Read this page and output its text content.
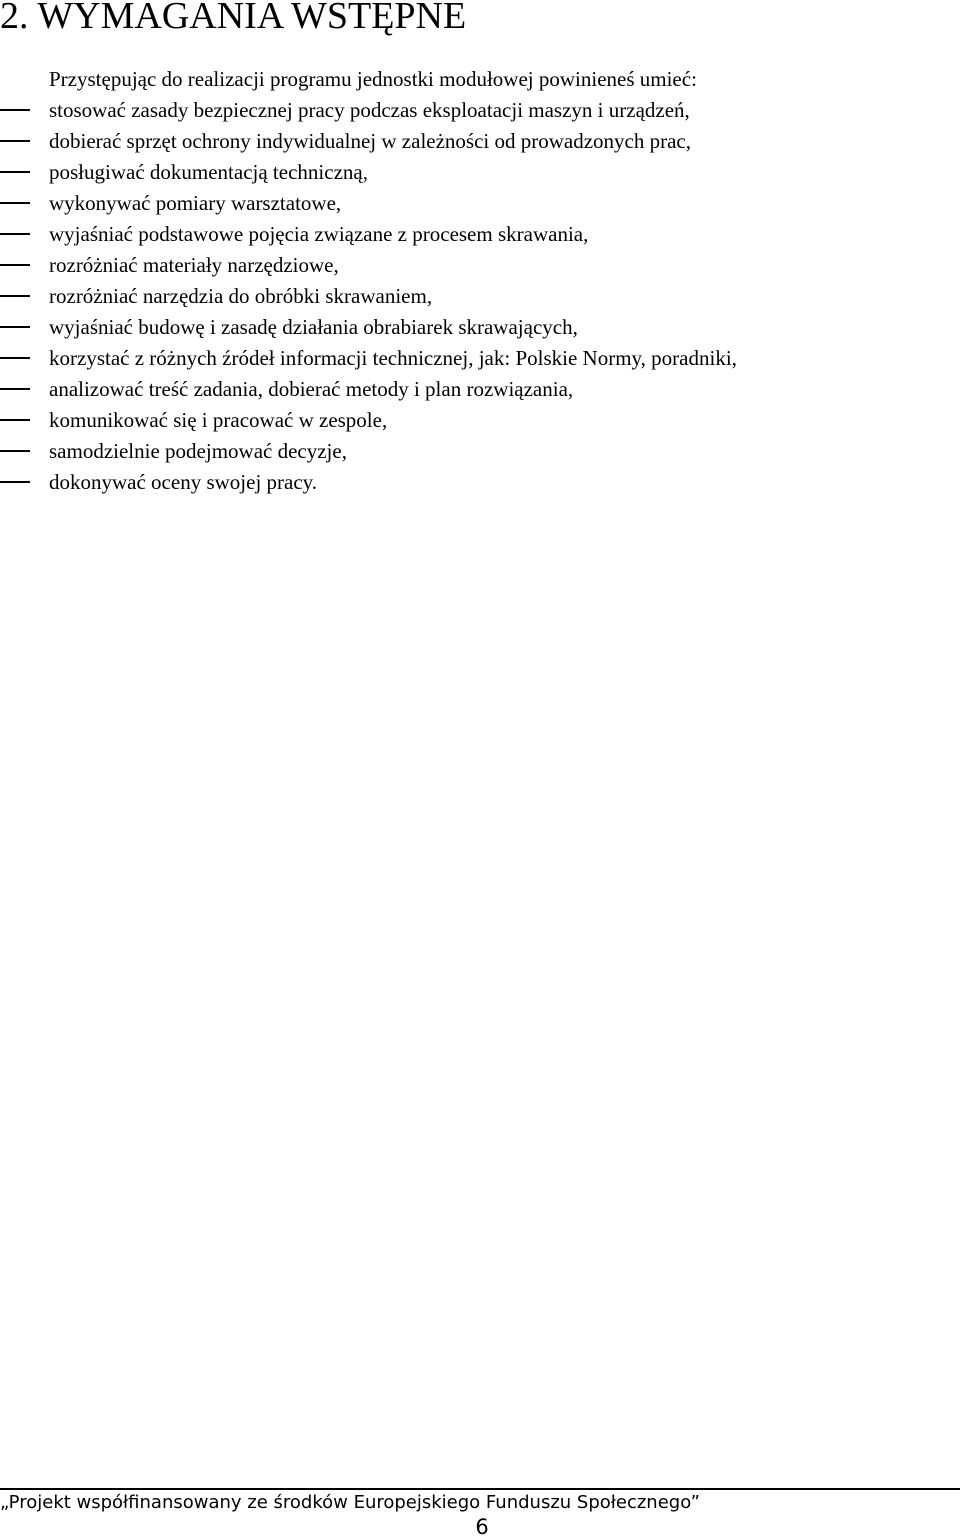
2. WYMAGANIA WSTĘPNE

Przystępując do realizacji programu jednostki modułowej powinieneś umieć:

stosować zasady bezpiecznej pracy podczas eksploatacji maszyn i urządzeń,
dobierać sprzęt ochrony indywidualnej w zależności od prowadzonych prac,
posługiwać dokumentacją techniczną,
wykonywać pomiary warsztatowe,
wyjaśniać podstawowe pojęcia związane z procesem skrawania,
rozróżniać materiały narzędziowe,
rozróżniać narzędzia do obróbki skrawaniem,
wyjaśniać budowę i zasadę działania obrabiarek skrawających,
korzystać z różnych źródeł informacji technicznej, jak: Polskie Normy, poradniki,
analizować treść zadania, dobierać metody i plan rozwiązania,
komunikować się i pracować w zespole,
samodzielnie podejmować decyzje,
dokonywać oceny swojej pracy.
„Projekt współfinansowany ze środków Europejskiego Funduszu Społecznego”
6
